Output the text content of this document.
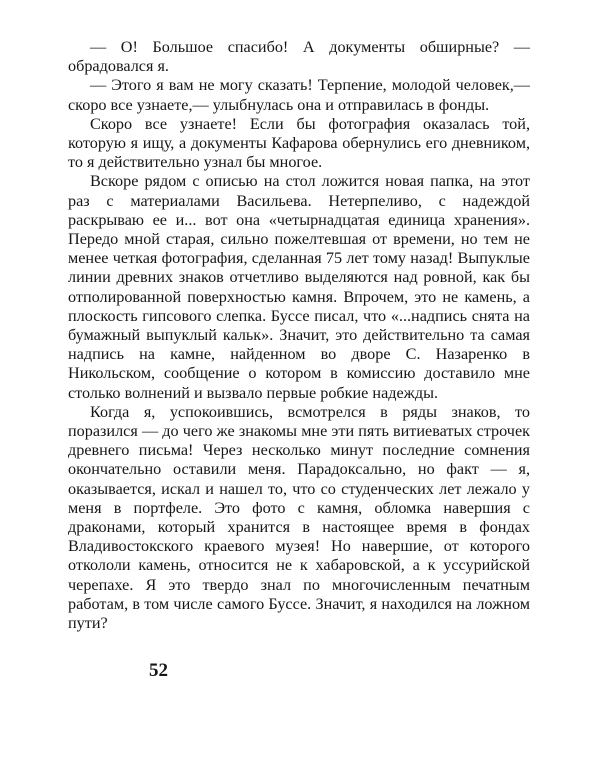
— О! Большое спасибо! А документы обширные? — обрадовался я.

— Этого я вам не могу сказать! Терпение, молодой человек,— скоро все узнаете,— улыбнулась она и отправилась в фонды.

Скоро все узнаете! Если бы фотография оказалась той, которую я ищу, а документы Кафарова обернулись его дневником, то я действительно узнал бы многое.

Вскоре рядом с описью на стол ложится новая папка, на этот раз с материалами Васильева. Нетерпеливо, с надеждой раскрываю ее и... вот она «четырнадцатая единица хранения». Передо мной старая, сильно пожелтевшая от времени, но тем не менее четкая фотография, сделанная 75 лет тому назад! Выпуклые линии древних знаков отчетливо выделяются над ровной, как бы отполированной поверхностью камня. Впрочем, это не камень, а плоскость гипсового слепка. Буссе писал, что «...надпись снята на бумажный выпуклый кальк». Значит, это действительно та самая надпись на камне, найденном во дворе С. Назаренко в Никольском, сообщение о котором в комиссию доставило мне столько волнений и вызвало первые робкие надежды.

Когда я, успокоившись, всмотрелся в ряды знаков, то поразился — до чего же знакомы мне эти пять витиеватых строчек древнего письма! Через несколько минут последние сомнения окончательно оставили меня. Парадоксально, но факт — я, оказывается, искал и нашел то, что со студенческих лет лежало у меня в портфеле. Это фото с камня, обломка навершия с драконами, который хранится в настоящее время в фондах Владивостокского краевого музея! Но навершие, от которого откололи камень, относится не к хабаровской, а к уссурийской черепахе. Я это твердо знал по многочисленным печатным работам, в том числе самого Буссе. Значит, я находился на ложном пути?

52
